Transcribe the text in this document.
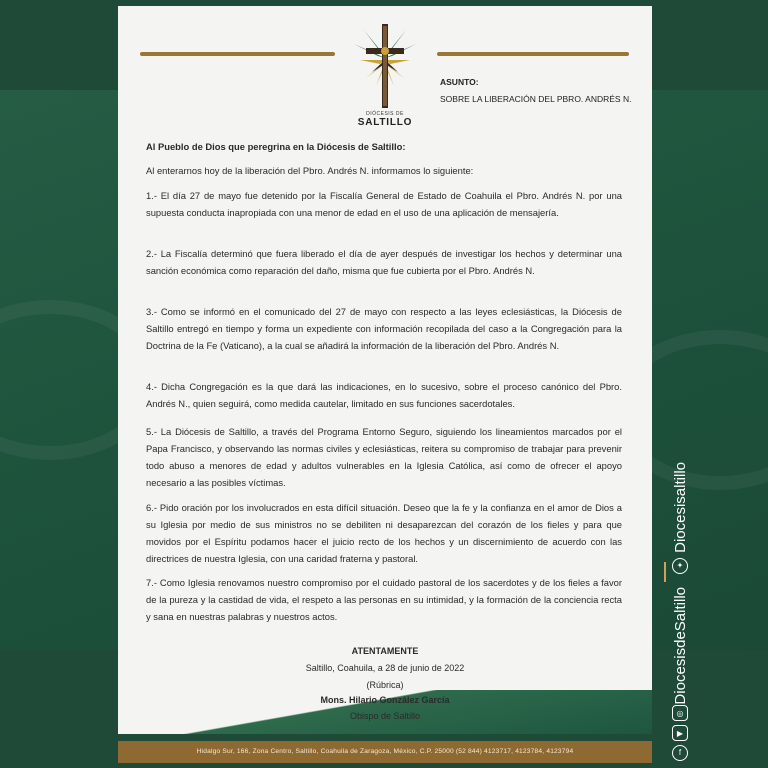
DIÓCESIS DE
SALTILLO
ASUNTO:
SOBRE LA LIBERACIÓN DEL PBRO. ANDRÉS N.
Al Pueblo de Dios que peregrina en la Diócesis de Saltillo:
Al enterarnos hoy de la liberación del Pbro. Andrés N. informamos lo siguiente:
1.- El día 27 de mayo fue detenido por la Fiscalía General de Estado de Coahuila el Pbro. Andrés N. por una supuesta conducta inapropiada con una menor de edad en el uso de una aplicación de mensajería.
2.- La Fiscalía determinó que fuera liberado el día de ayer después de investigar los hechos y determinar una sanción económica como reparación del daño, misma que fue cubierta por el Pbro. Andrés N.
3.- Como se informó en el comunicado del 27 de mayo con respecto a las leyes eclesiásticas, la Diócesis de Saltillo entregó en tiempo y forma un expediente con información recopilada del caso a la Congregación para la Doctrina de la Fe (Vaticano), a la cual se añadirá la información de la liberación del Pbro. Andrés N.
4.- Dicha Congregación es la que dará las indicaciones, en lo sucesivo, sobre el proceso canónico del Pbro. Andrés N., quien seguirá, como medida cautelar, limitado en sus funciones sacerdotales.
5.- La Diócesis de Saltillo, a través del Programa Entorno Seguro, siguiendo los lineamientos marcados por el Papa Francisco, y observando las normas civiles y eclesiásticas, reitera su compromiso de trabajar para prevenir todo abuso a menores de edad y adultos vulnerables en la Iglesia Católica, así como de ofrecer el apoyo necesario a las posibles víctimas.
6.- Pido oración por los involucrados en esta difícil situación. Deseo que la fe y la confianza en el amor de Dios a su Iglesia por medio de sus ministros no se debiliten ni desaparezcan del corazón de los fieles y para que movidos por el Espíritu podamos hacer el juicio recto de los hechos y un discernimiento de acuerdo con las directrices de nuestra Iglesia, con una caridad fraterna y pastoral.
7.- Como Iglesia renovamos nuestro compromiso por el cuidado pastoral de los sacerdotes y de los fieles a favor de la pureza y la castidad de vida, el respeto a las personas en su intimidad, y la formación de la conciencia recta y sana en nuestras palabras y nuestros actos.
ATENTAMENTE
Saltillo, Coahuila, a 28 de junio de 2022
(Rúbrica)
Mons. Hilario González García
Obispo de Saltillo
Hidalgo Sur, 166, Zona Centro, Saltillo, Coahuila de Zaragoza, México, C.P. 25000 (52 844) 4123717, 4123784, 4123794
Diocesisaltillo
✦
DiocesisdeSaltillo
◎
▶
f
